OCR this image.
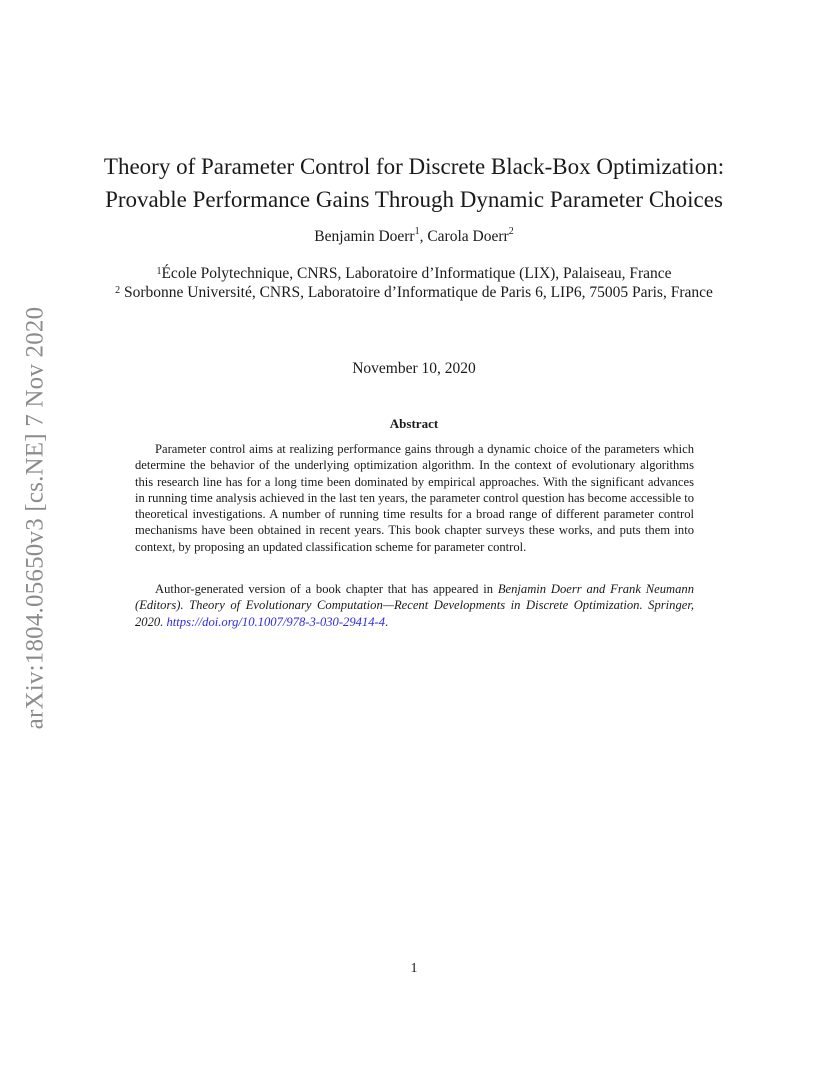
arXiv:1804.05650v3 [cs.NE] 7 Nov 2020
Theory of Parameter Control for Discrete Black-Box Optimization:
Provable Performance Gains Through Dynamic Parameter Choices
Benjamin Doerr$^1$, Carola Doerr$^2$
$^1$École Polytechnique, CNRS, Laboratoire d’Informatique (LIX), Palaiseau, France
$^2$ Sorbonne Université, CNRS, Laboratoire d’Informatique de Paris 6, LIP6, 75005 Paris, France
November 10, 2020
Abstract

Parameter control aims at realizing performance gains through a dynamic choice of the parameters which determine the behavior of the underlying optimization algorithm. In the context of evolutionary algorithms this research line has for a long time been dominated by empirical approaches. With the significant advances in running time analysis achieved in the last ten years, the parameter control question has become accessible to theoretical investigations. A number of running time results for a broad range of different parameter control mechanisms have been obtained in recent years. This book chapter surveys these works, and puts them into context, by proposing an updated classification scheme for parameter control.

Author-generated version of a book chapter that has appeared in Benjamin Doerr and Frank Neumann (Editors). Theory of Evolutionary Computation—Recent Developments in Discrete Optimization. Springer, 2020. https://doi.org/10.1007/978-3-030-29414-4.

1
